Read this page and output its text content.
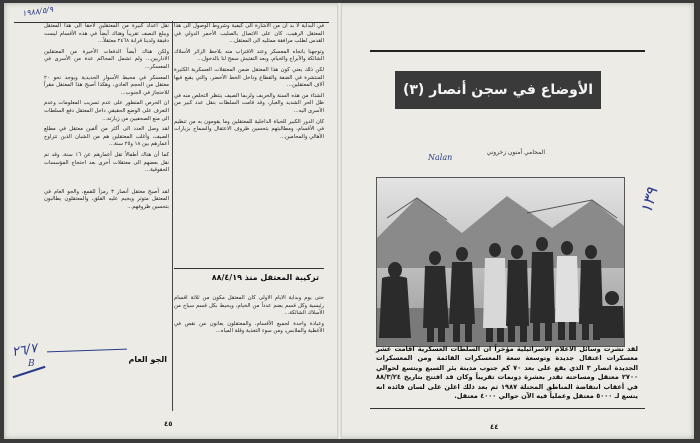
١٩٨٨/٥/٩

في البداية لا بد أن من الاشارة الى كيفية وشروط الوصول الى هذا المعتقل الرهيب، كان على الاتصال بالصليب الأحمر الدولي في القدس لطلب مرافقة ممثليه الى المعتقل...

وتوجهنا باتجاه المعسكر وعند الاقتراب منه يلاحظ الزائر الأسلاك الشائكة والأبراج والخيام، وبعد التفتيش سمح لنا بالدخول...

لكن ذلك يعني كون هذا المعتقل ضمن المعتقلات العسكرية الكثيرة المنتشرة في الضفة والقطاع وداخل الخط الأخضر، والتي يقبع فيها آلاف المعتقلين...

الشتاء من هذه السنة والخريف ولربما الصيف ينتظر التخلص منه في ظل الحر الشديد والغبار، وقد قامت السلطات بنقل عدد كبير من الأسرى اليه...

كان الدور الكبير للحياة الداخلية للمعتقلين وما يقومون به من تنظيم في الأقسام، ومطالبتهم بتحسين ظروف الاعتقال والسماح بزيارات الأهالي والمحامين...

تركيبة المعتقل منذ ٨٨/٤/١٩

حتى يوم وبداية الأيام الأولى كان المعتقل مكون من ثلاثة أقسام رئيسية وكل قسم يضم عدداً من الخيام، ويحيط بكل قسم سياج من الأسلاك الشائكة...

وعيادة واحدة لجميع الأقسام، والمعتقلون يعانون من نقص في الأغطية والملابس، ومن سوء التغذية وقلة المياه...

نقل أعداد كبيرة من المعتقلين لاحقاً الى هذا المعتقل ويبلغ النصف تقريباً وهناك أيضاً في هذه الأقسام ليست دقيقة ولدينا قرابة ٢٤٦٨ معتقلاً...

ولكن هناك أيضاً الدفعات الأخيرة من المعتقلين الاداريين... ولم تشمل المحاكم عدة من الأسرى في المعسكر...

المعسكر في محيط الأسوار الحديدية ويوجد نحو ٢٠ معتقل من الحجم العادي، وهكذا أصبح هذا المعتقل مقراً للاحتجاز في الجنوب...

ان الحرص المتطور على عدم تسريب المعلومات وعدم التعرف على الوضع الحقيقي داخل المعتقل دفع السلطات الى منع الصحفيين من زيارته...

لقد وصل العدد الى أكثر من ألفين معتقل في مطلع الصيف، وأغلب المعتقلين هم من الشبان الذين تتراوح أعمارهم بين ١٨ و٢٥ سنة...

كما أن هناك أطفالاً تقل أعمارهم عن ١٦ سنة، وقد تم نقل بعضهم الى معتقلات أخرى بعد احتجاج المؤسسات الحقوقية...

لقد أصبح معتقل أنصار ٣ رمزاً للقمع، والجو العام في المعتقل متوتر ويخيم عليه القلق، والمعتقلون يطالبون بتحسين ظروفهم...

الجو العام
٢٦/٧
B
٤٥
الأوضاع في سجن أنصار (٣)
المحامي أمنون زخروني
Nalan
١٣٩
لقد نشرت وسائل الاعلام الاسرائيلية مؤخراً ان السلطات العسكرية اقامت عشر معسكرات اعتقال جديدة وتوسعة سعة المعسكرات القائمة ومن المعسكرات الجديدة انصار ٣ الذي يقع على بعد ٧٠ كم جنوب مدينة بئر السبع ويتسع لحوالي ٢٧٠٠ معتقل ومساحته تقدر بعشرة دونمات تقريباً وكان قد افتتح بتاريخ ٨٨/٣/٢٤ في أعقاب انتفاضة المناطق المحتلة ١٩٨٧ ثم بعد ذلك اعلن على لسان قائده انه يتسع لـ ٥٠٠٠ معتقل وعملياً فيه الآن حوالي ٤٠٠٠ معتقل.
٤٤
